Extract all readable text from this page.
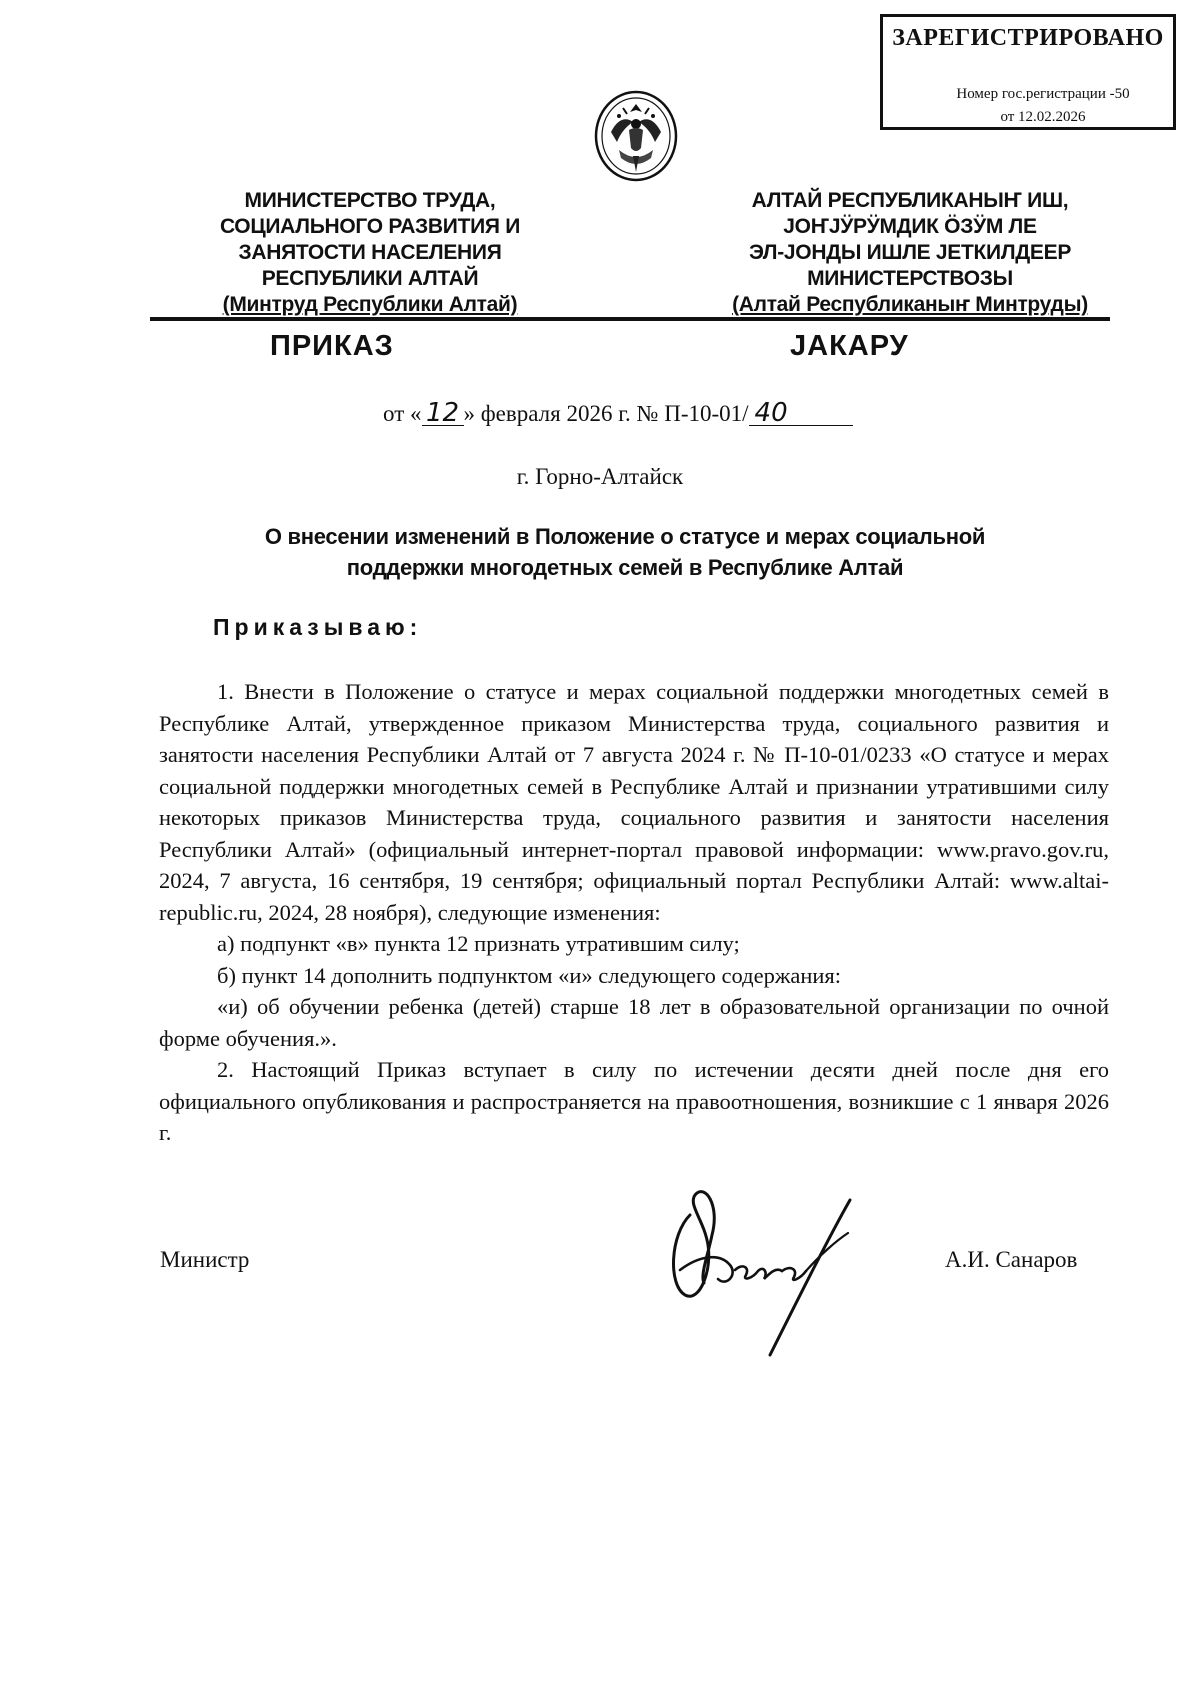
ЗАРЕГИСТРИРОВАНО
Номер гос.регистрации -50
от 12.02.2026
МИНИСТЕРСТВО ТРУДА,
СОЦИАЛЬНОГО РАЗВИТИЯ И
ЗАНЯТОСТИ НАСЕЛЕНИЯ
РЕСПУБЛИКИ АЛТАЙ
(Минтруд Республики Алтай)
АЛТАЙ РЕСПУБЛИКАНЫҤ ИШ,
ЈОҤЈӰРӰМДИК ӦЗӰМ ЛЕ
ЭЛ-ЈОНДЫ ИШЛЕ ЈЕТКИЛДЕЕР
МИНИСТЕРСТВОЗЫ
(Алтай Республиканыҥ Минтруды)
ПРИКАЗ	ЈАКАРУ
от « 12 » февраля 2026 г. № П-10-01/ 40
г. Горно-Алтайск
О внесении изменений в Положение о статусе и мерах социальной
поддержки многодетных семей в Республике Алтай
Приказываю:

1. Внести в Положение о статусе и мерах социальной поддержки многодетных семей в Республике Алтай, утвержденное приказом Министерства труда, социального развития и занятости населения Республики Алтай от 7 августа 2024 г. № П-10-01/0233 «О статусе и мерах социальной поддержки многодетных семей в Республике Алтай и признании утратившими силу некоторых приказов Министерства труда, социального развития и занятости населения Республики Алтай» (официальный интернет-портал правовой информации: www.pravo.gov.ru, 2024, 7 августа, 16 сентября, 19 сентября; официальный портал Республики Алтай: www.altai-republic.ru, 2024, 28 ноября), следующие изменения:

а) подпункт «в» пункта 12 признать утратившим силу;

б) пункт 14 дополнить подпунктом «и» следующего содержания:

«и) об обучении ребенка (детей) старше 18 лет в образовательной организации по очной форме обучения.».

2. Настоящий Приказ вступает в силу по истечении десяти дней после дня его официального опубликования и распространяется на правоотношения, возникшие с 1 января 2026 г.

Министр	А.И. Санаров
